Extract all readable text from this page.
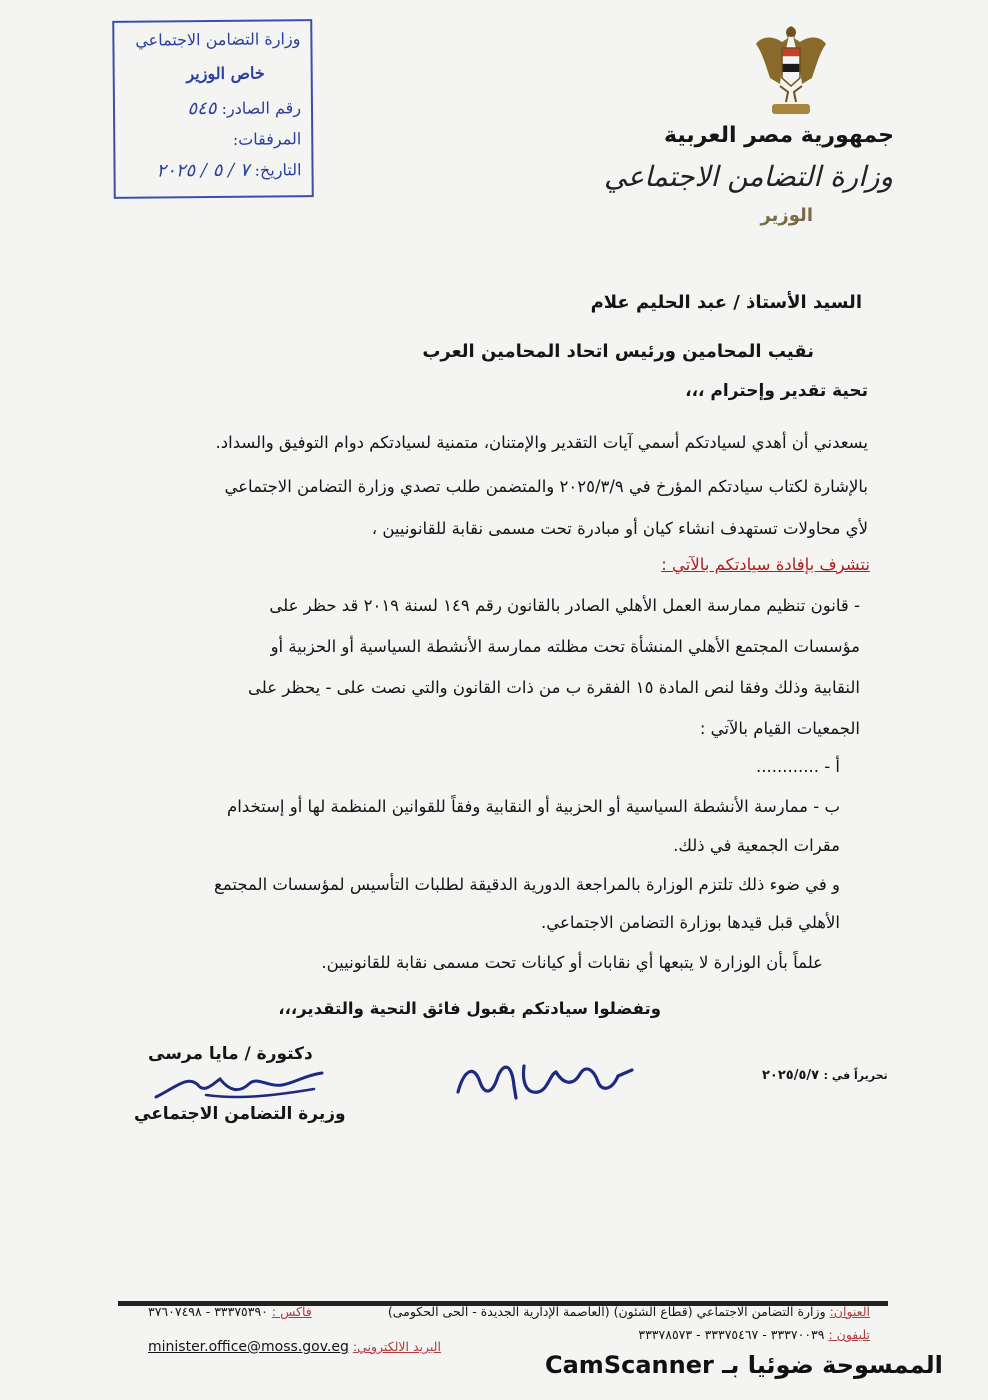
وزارة التضامن الاجتماعي
خاص الوزير
رقم الصادر: ٥٤٥
المرفقات:
التاريخ: ٧ / ٥ / ٢٠٢٥
جمهورية مصر العربية
وزارة التضامن الاجتماعي
الوزير
السيد الأستاذ / عبد الحليم علام
نقيب المحامين ورئيس اتحاد المحامين العرب
تحية تقدير وإحترام ،،،
يسعدني أن أهدي لسيادتكم أسمي آيات التقدير والإمتنان، متمنية لسيادتكم دوام التوفيق والسداد.
بالإشارة لكتاب سيادتكم المؤرخ في ٢٠٢٥/٣/٩ والمتضمن طلب تصدي وزارة التضامن الاجتماعي
لأي محاولات تستهدف انشاء كيان أو مبادرة تحت مسمى نقابة للقانونيين ،
نتشرف بإفادة سيادتكم بالآتي :
- قانون تنظيم ممارسة العمل الأهلي الصادر بالقانون رقم ١٤٩ لسنة ٢٠١٩ قد حظر على
مؤسسات المجتمع الأهلي المنشأة تحت مظلته ممارسة الأنشطة السياسية أو الحزبية أو
النقابية وذلك وفقا لنص المادة ١٥ الفقرة ب من ذات القانون والتي نصت على - يحظر على
الجمعيات القيام بالآتي :
أ - ............
ب - ممارسة الأنشطة السياسية أو الحزبية أو النقابية وفقاً للقوانين المنظمة لها أو إستخدام
مقرات الجمعية في ذلك.
و في ضوء ذلك تلتزم الوزارة بالمراجعة الدورية الدقيقة لطلبات التأسيس لمؤسسات المجتمع
الأهلي قبل قيدها بوزارة التضامن الاجتماعي.
علماً بأن الوزارة لا يتبعها أي نقابات أو كيانات تحت مسمى نقابة للقانونيين.
وتفضلوا سيادتكم بقبول فائق التحية والتقدير،،،
دكتورة / مايا مرسى
وزيرة التضامن الاجتماعي
تحريراً في : ٢٠٢٥/٥/٧
العنوان: وزارة التضامن الاجتماعي (قطاع الشئون) (العاصمة الإدارية الجديدة - الحى الحكومى)
فاكس : ٣٣٣٧٥٣٩٠ - ٣٧٦٠٧٤٩٨
تليفون : ٣٣٣٧٠٠٣٩ - ٣٣٣٧٥٤٦٧ - ٣٣٣٧٨٥٧٣
البريد الالكتروني: minister.office@moss.gov.eg
الممسوحة ضوئيا بـ CamScanner
